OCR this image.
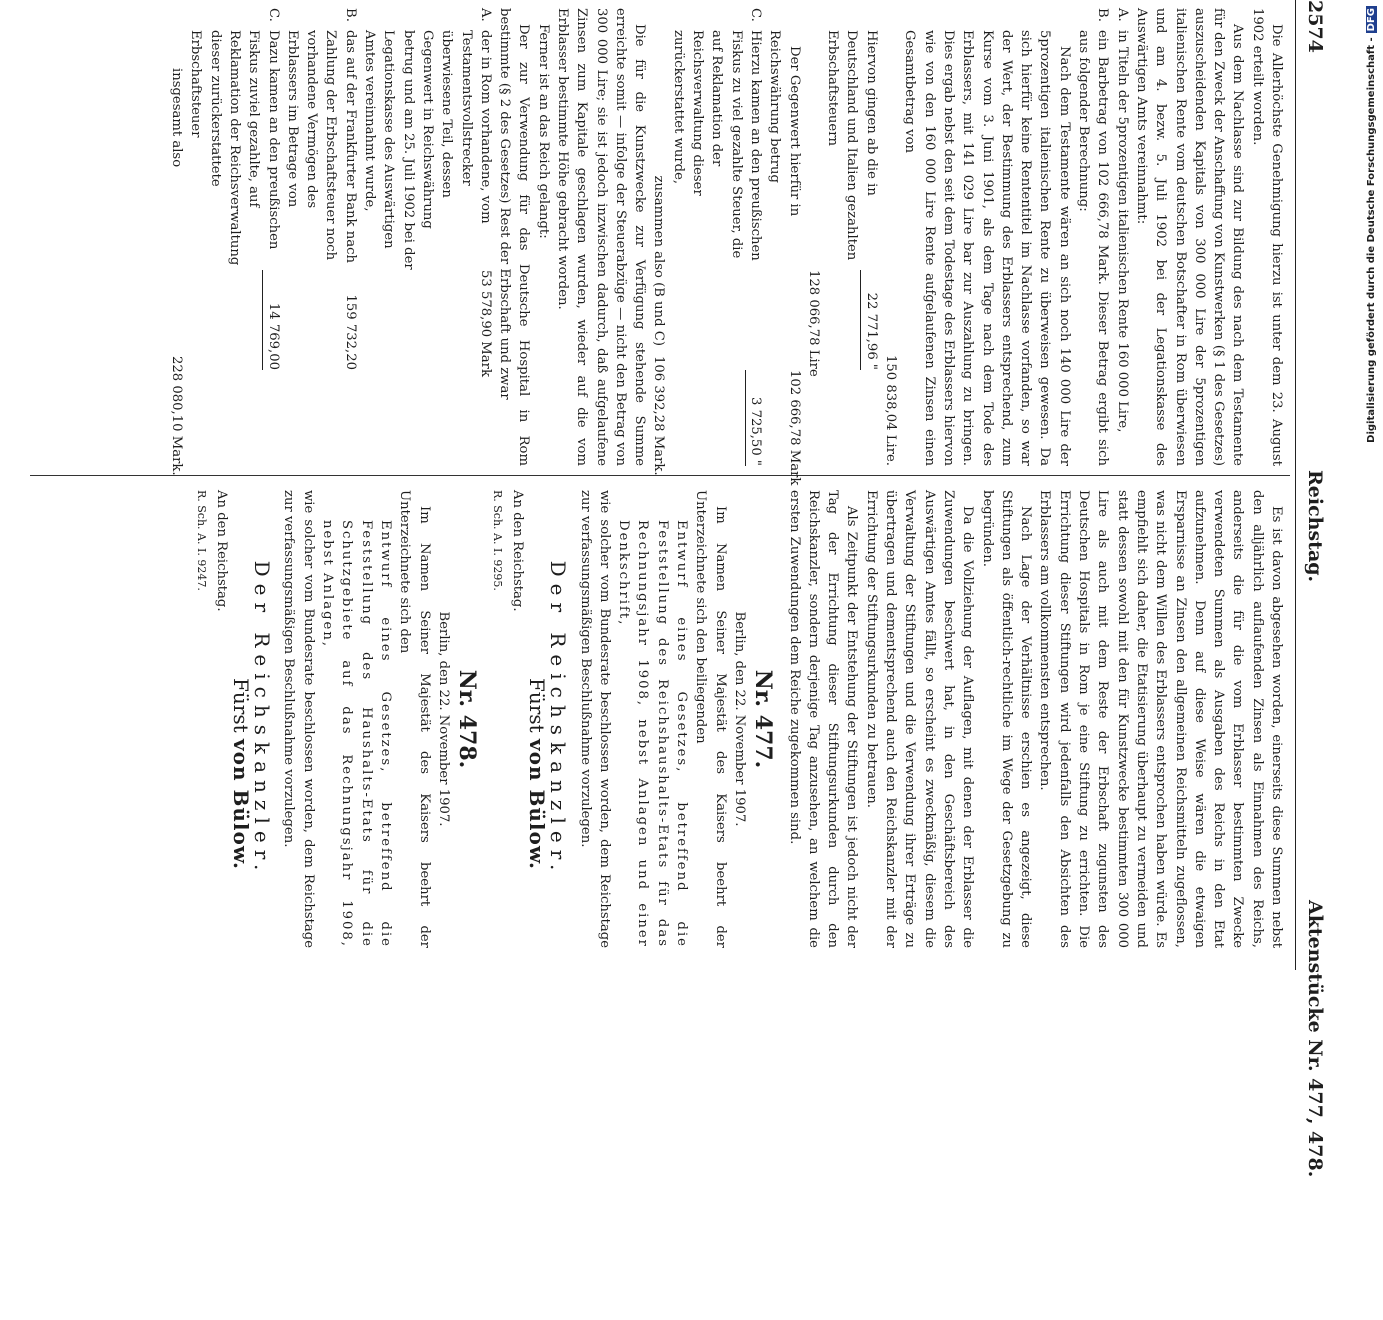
2574
Reichstag.
Aktenstücke Nr. 477, 478.

Die Allerhöchste Genehmigung hierzu ist unter dem 23. August 1902 erteilt worden.

Aus dem Nachlasse sind zur Bildung des nach dem Testamente für den Zweck der Anschaffung von Kunstwerken (§ 1 des Gesetzes) auszuscheidenden Kapitals von 300 000 Lire der 5prozentigen italienischen Rente vom deutschen Botschafter in Rom überwiesen und am 4. bezw. 5. Juli 1902 bei der Legationskasse des Auswärtigen Amts vereinnahmt:

A.
in Titeln der 5prozentigen italienischen Rente 160 000 Lire,
B.

ein Barbetrag von 102 666,78 Mark. Dieser Betrag ergibt sich aus folgender Berechnung:

Nach dem Testamente wären an sich noch 140 000 Lire der 5prozentigen italienischen Rente zu überweisen gewesen. Da sich hierfür keine Rententitel im Nachlasse vorfanden, so war der Wert, der Bestimmung des Erblassers entsprechend, zum Kurse vom 3. Juni 1901, als dem Tage nach dem Tode des Erblassers, mit 141 029 Lire bar zur Auszahlung zu bringen. Dies ergab nebst den seit dem Todestage des Erblassers hiervon wie von den 160 000 Lire Rente aufgelaufenen Zinsen einen Gesamtbetrag von

150 838,04 Lire.

Hiervon gingen ab die in Deutschland und Italien gezahlten Erbschaftsteuern
22 771,96 "
128 066,78 Lire
Der Gegenwert hierfür in Reichswährung betrug
102 666,78 Mark
C.
Hierzu kamen an den preußischen Fiskus zu viel gezahlte Steuer, die auf Reklamation der Reichsverwaltung dieser zurückerstattet wurde,
3 725,50 "
zusammen also (B und C)
106 392,28 Mark.

Die für die Kunstzwecke zur Verfügung stehende Summe erreichte somit — infolge der Steuerabzüge — nicht den Betrag von 300 000 Lire; sie ist jedoch inzwischen dadurch, daß aufgelaufene Zinsen zum Kapitale geschlagen wurden, wieder auf die vom Erblasser bestimmte Höhe gebracht worden.

Ferner ist an das Reich gelangt:

Der zur Verwendung für das Deutsche Hospital in Rom bestimmte (§ 2 des Gesetzes) Rest der Erbschaft und zwar

A.
der in Rom vorhandene, vom Testamentsvollstrecker überwiesene Teil, dessen Gegenwert in Reichswährung betrug und am 25. Juli 1902 bei der Legationskasse des Auswärtigen Amtes vereinnahmt wurde,
53 578,90 Mark
B.
das auf der Frankfurter Bank nach Zahlung der Erbschaftsteuer noch vorhandene Vermögen des Erblassers im Betrage von
159 732,20
C.
Dazu kamen an den preußischen Fiskus zuviel gezahlte, auf Reklamation der Reichsverwaltung dieser zurückerstattete Erbschaftsteuer
14 769,00
insgesamt also
228 080,10 Mark.

Es ist davon abgesehen worden, einerseits diese Summen nebst den alljährlich auflaufenden Zinsen als Einnahmen des Reichs, anderseits die für die vom Erblasser bestimmten Zwecke verwendeten Summen als Ausgaben des Reichs in den Etat aufzunehmen. Denn auf diese Weise wären die etwaigen Ersparnisse an Zinsen den allgemeinen Reichsmitteln zugeflossen, was nicht dem Willen des Erblassers entsprochen haben würde. Es empfiehlt sich daher, die Etatisierung überhaupt zu vermeiden und statt dessen sowohl mit den für Kunstzwecke bestimmten 300 000 Lire als auch mit dem Reste der Erbschaft zugunsten des Deutschen Hospitals in Rom je eine Stiftung zu errichten. Die Errichtung dieser Stiftungen wird jedenfalls den Absichten des Erblassers am vollkommensten entsprechen.

Nach Lage der Verhältnisse erschien es angezeigt, diese Stiftungen als öffentlich-rechtliche im Wege der Gesetzgebung zu begründen.

Da die Vollziehung der Auflagen, mit denen der Erblasser die Zuwendungen beschwert hat, in den Geschäftsbereich des Auswärtigen Amtes fällt, so erscheint es zweckmäßig, diesem die Verwaltung der Stiftungen und die Verwendung ihrer Erträge zu übertragen und dementsprechend auch den Reichskanzler mit der Errichtung der Stiftungsurkunden zu betrauen.

Als Zeitpunkt der Entstehung der Stiftungen ist jedoch nicht der Tag der Errichtung dieser Stiftungsurkunden durch den Reichskanzler, sondern derjenige Tag anzusehen, an welchem die ersten Zuwendungen dem Reiche zugekommen sind.

Nr. 477.

Berlin, den 22. November 1907.

Im Namen Seiner Majestät des Kaisers beehrt der Unterzeichnete sich den beiliegenden

Entwurf eines Gesetzes, betreffend die Feststellung des Reichshaushalts-Etats für das Rechnungsjahr 1908, nebst Anlagen und einer Denkschrift,

wie solcher vom Bundesrate beschlossen worden, dem Reichstage zur verfassungsmäßigen Beschlußnahme vorzulegen.

Der Reichskanzler.
Fürst von Bülow.

An den Reichstag.

R. Sch. A. I. 9295.

Nr. 478.

Berlin, den 22. November 1907.

Im Namen Seiner Majestät des Kaisers beehrt der Unterzeichnete sich den

Entwurf eines Gesetzes, betreffend die Feststellung des Haushalts-Etats für die Schutzgebiete auf das Rechnungsjahr 1908, nebst Anlagen,

wie solcher vom Bundesrate beschlossen worden, dem Reichstage zur verfassungsmäßigen Beschlußnahme vorzulegen.

Der Reichskanzler.
Fürst von Bülow.

An den Reichstag.

R. Sch. A. I. 9247.

Digitalisierung gefördert durch die Deutsche Forschungsgemeinschaft -DFG
